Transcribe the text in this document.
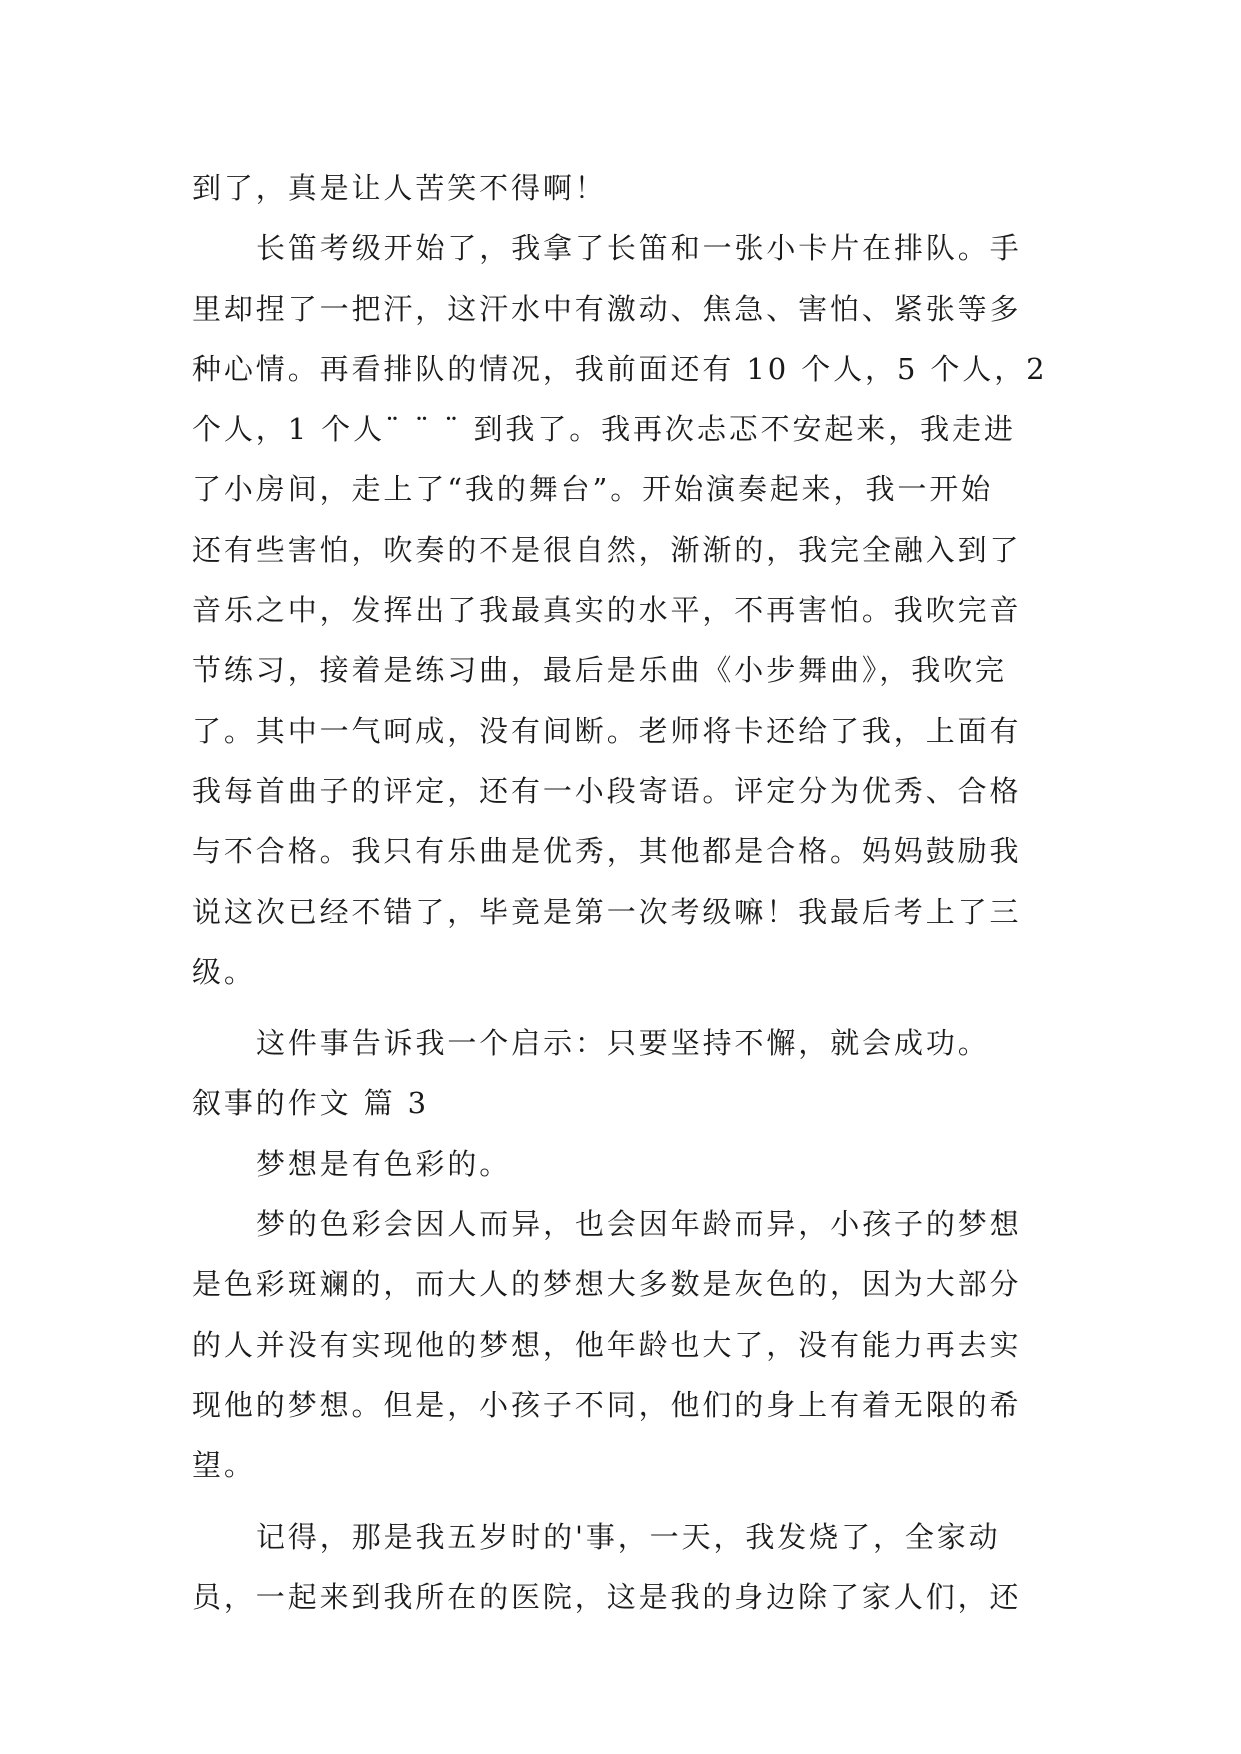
到了，真是让人苦笑不得啊！
长笛考级开始了，我拿了长笛和一张小卡片在排队。手
里却捏了一把汗，这汗水中有激动、焦急、害怕、紧张等多
种心情。再看排队的情况，我前面还有 10 个人，5 个人，2
个人，1 个人¨ ¨ ¨ 到我了。我再次忐忑不安起来，我走进
了小房间，走上了“我的舞台”。开始演奏起来，我一开始
还有些害怕，吹奏的不是很自然，渐渐的，我完全融入到了
音乐之中，发挥出了我最真实的水平，不再害怕。我吹完音
节练习，接着是练习曲，最后是乐曲《小步舞曲》，我吹完
了。其中一气呵成，没有间断。老师将卡还给了我，上面有
我每首曲子的评定，还有一小段寄语。评定分为优秀、合格
与不合格。我只有乐曲是优秀，其他都是合格。妈妈鼓励我
说这次已经不错了，毕竟是第一次考级嘛！我最后考上了三
级。
这件事告诉我一个启示：只要坚持不懈，就会成功。
叙事的作文 篇 3
梦想是有色彩的。
梦的色彩会因人而异，也会因年龄而异，小孩子的梦想
是色彩斑斓的，而大人的梦想大多数是灰色的，因为大部分
的人并没有实现他的梦想，他年龄也大了，没有能力再去实
现他的梦想。但是，小孩子不同，他们的身上有着无限的希
望。
记得，那是我五岁时的'事，一天，我发烧了，全家动
员，一起来到我所在的医院，这是我的身边除了家人们，还
